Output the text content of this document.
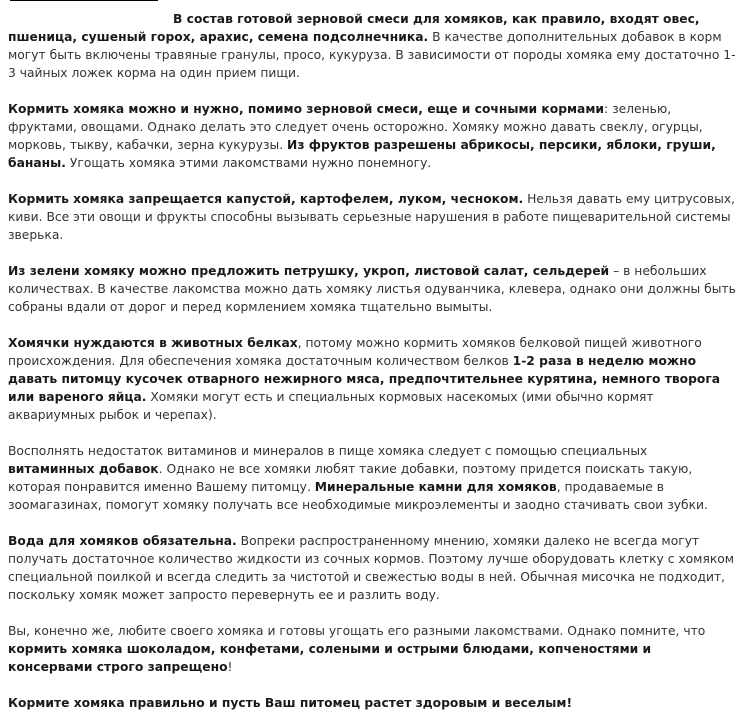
В состав готовой зерновой смеси для хомяков, как правило, входят овес, пшеница, сушеный горох, арахис, семена подсолнечника. В качестве дополнительных добавок в корм могут быть включены травяные гранулы, просо, кукуруза. В зависимости от породы хомяка ему достаточно 1-3 чайных ложек корма на один прием пищи.

Кормить хомяка можно и нужно, помимо зерновой смеси, еще и сочными кормами: зеленью, фруктами, овощами. Однако делать это следует очень осторожно. Хомяку можно давать свеклу, огурцы, морковь, тыкву, кабачки, зерна кукурузы. Из фруктов разрешены абрикосы, персики, яблоки, груши, бананы. Угощать хомяка этими лакомствами нужно понемногу.

Кормить хомяка запрещается капустой, картофелем, луком, чесноком. Нельзя давать ему цитрусовых, киви. Все эти овощи и фрукты способны вызывать серьезные нарушения в работе пищеварительной системы зверька.

Из зелени хомяку можно предложить петрушку, укроп, листовой салат, сельдерей – в небольших количествах. В качестве лакомства можно дать хомяку листья одуванчика, клевера, однако они должны быть собраны вдали от дорог и перед кормлением хомяка тщательно вымыты.

Хомячки нуждаются в животных белках, потому можно кормить хомяков белковой пищей животного происхождения. Для обеспечения хомяка достаточным количеством белков 1-2 раза в неделю можно давать питомцу кусочек отварного нежирного мяса, предпочтительнее курятина, немного творога или вареного яйца. Хомяки могут есть и специальных кормовых насекомых (ими обычно кормят аквариумных рыбок и черепах).

Восполнять недостаток витаминов и минералов в пище хомяка следует с помощью специальных витаминных добавок. Однако не все хомяки любят такие добавки, поэтому придется поискать такую, которая понравится именно Вашему питомцу. Минеральные камни для хомяков, продаваемые в зоомагазинах, помогут хомяку получать все необходимые микроэлементы и заодно стачивать свои зубки.

Вода для хомяков обязательна. Вопреки распространенному мнению, хомяки далеко не всегда могут получать достаточное количество жидкости из сочных кормов. Поэтому лучше оборудовать клетку с хомяком специальной поилкой и всегда следить за чистотой и свежестью воды в ней. Обычная мисочка не подходит, поскольку хомяк может запросто перевернуть ее и разлить воду.

Вы, конечно же, любите своего хомяка и готовы угощать его разными лакомствами. Однако помните, что кормить хомяка шоколадом, конфетами, солеными и острыми блюдами, копченостями и консервами строго запрещено!

Кормите хомяка правильно и пусть Ваш питомец растет здоровым и веселым!
